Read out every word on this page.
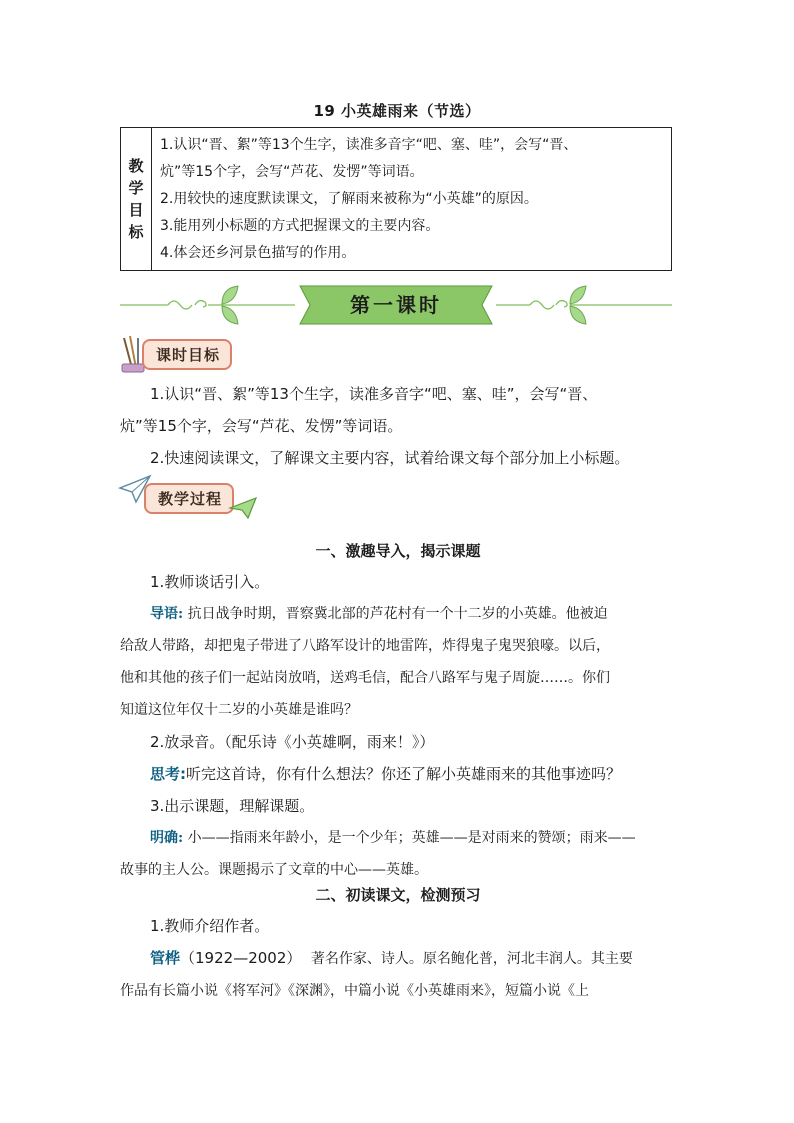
19 小英雄雨来（节选）
教
学
目
标
1.认识“晋、絮”等13个生字，读准多音字“吧、塞、哇”，会写“晋、
炕”等15个字，会写“芦花、发愣”等词语。
2.用较快的速度默读课文，了解雨来被称为“小英雄”的原因。
3.能用列小标题的方式把握课文的主要内容。
4.体会还乡河景色描写的作用。
第一课时
课时目标
1.认识“晋、絮”等13个生字，读准多音字“吧、塞、哇”，会写“晋、
炕”等15个字，会写“芦花、发愣”等词语。
2.快速阅读课文，了解课文主要内容，试着给课文每个部分加上小标题。
教学过程
一、激趣导入，揭示课题
1.教师谈话引入。
导语: 抗日战争时期，晋察冀北部的芦花村有一个十二岁的小英雄。他被迫
给敌人带路，却把鬼子带进了八路军设计的地雷阵，炸得鬼子鬼哭狼嚎。以后，
他和其他的孩子们一起站岗放哨，送鸡毛信，配合八路军与鬼子周旋……。你们
知道这位年仅十二岁的小英雄是谁吗？
2.放录音。（配乐诗《小英雄啊，雨来！》）
思考:听完这首诗，你有什么想法？你还了解小英雄雨来的其他事迹吗？
3.出示课题，理解课题。
明确: 小——指雨来年龄小，是一个少年；英雄——是对雨来的赞颂；雨来——
故事的主人公。课题揭示了文章的中心——英雄。
二、初读课文，检测预习
1.教师介绍作者。
管桦（1922—2002） 著名作家、诗人。原名鲍化普，河北丰润人。其主要
作品有长篇小说《将军河》《深渊》，中篇小说《小英雄雨来》，短篇小说《上
